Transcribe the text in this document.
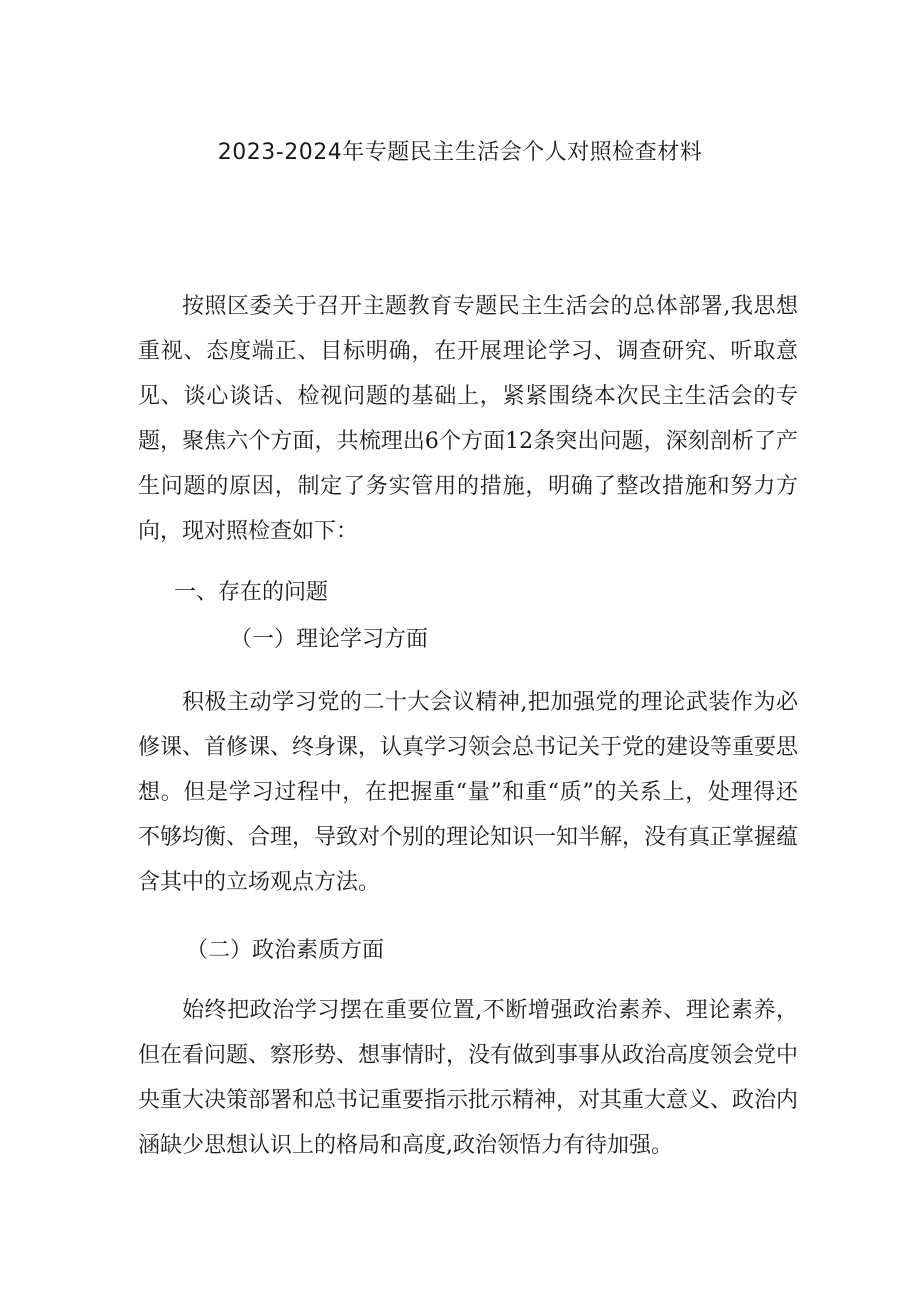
2023-2024年专题民主生活会个人对照检查材料

按照区委关于召开主题教育专题民主生活会的总体部署,我思想重视、态度端正、目标明确，在开展理论学习、调查研究、听取意见、谈心谈话、检视问题的基础上，紧紧围绕本次民主生活会的专题，聚焦六个方面，共梳理出6个方面12条突出问题，深刻剖析了产生问题的原因，制定了务实管用的措施，明确了整改措施和努力方向，现对照检查如下：

一、存在的问题

（一）理论学习方面

积极主动学习党的二十大会议精神,把加强党的理论武装作为必修课、首修课、终身课，认真学习领会总书记关于党的建设等重要思想。但是学习过程中，在把握重“量”和重“质”的关系上，处理得还不够均衡、合理，导致对个别的理论知识一知半解，没有真正掌握蕴含其中的立场观点方法。

（二）政治素质方面

始终把政治学习摆在重要位置,不断增强政治素养、理论素养，但在看问题、察形势、想事情时，没有做到事事从政治高度领会党中央重大决策部署和总书记重要指示批示精神，对其重大意义、政治内涵缺少思想认识上的格局和高度,政治领悟力有待加强。
